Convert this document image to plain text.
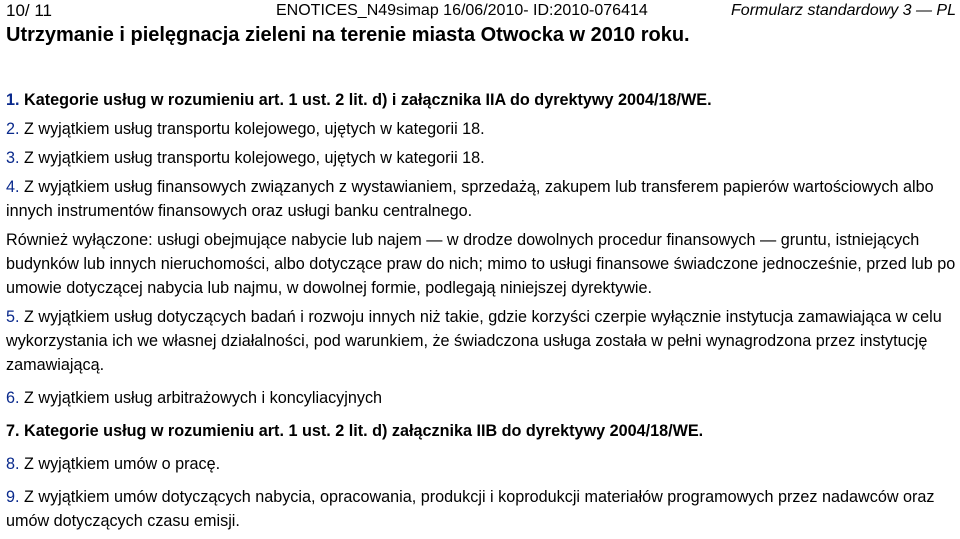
10/ 11	ENOTICES_N49simap 16/06/2010- ID:2010-076414	Formularz standardowy 3 — PL
Utrzymanie i pielęgnacja zieleni na terenie miasta Otwocka w 2010 roku.

1. Kategorie usług w rozumieniu art. 1 ust. 2 lit. d) i załącznika IIA do dyrektywy 2004/18/WE.

2. Z wyjątkiem usług transportu kolejowego, ujętych w kategorii 18.

3. Z wyjątkiem usług transportu kolejowego, ujętych w kategorii 18.

4. Z wyjątkiem usług finansowych związanych z wystawianiem, sprzedażą, zakupem lub transferem papierów wartościowych albo innych instrumentów finansowych oraz usługi banku centralnego.

Również wyłączone: usługi obejmujące nabycie lub najem — w drodze dowolnych procedur finansowych — gruntu, istniejących budynków lub innych nieruchomości, albo dotyczące praw do nich; mimo to usługi finansowe świadczone jednocześnie, przed lub po umowie dotyczącej nabycia lub najmu, w dowolnej formie, podlegają niniejszej dyrektywie.

5. Z wyjątkiem usług dotyczących badań i rozwoju innych niż takie, gdzie korzyści czerpie wyłącznie instytucja zamawiająca w celu wykorzystania ich we własnej działalności, pod warunkiem, że świadczona usługa została w pełni wynagrodzona przez instytucję zamawiającą.

6. Z wyjątkiem usług arbitrażowych i koncyliacyjnych

7. Kategorie usług w rozumieniu art. 1 ust. 2 lit. d) załącznika IIB do dyrektywy 2004/18/WE.

8. Z wyjątkiem umów o pracę.

9. Z wyjątkiem umów dotyczących nabycia, opracowania, produkcji i koprodukcji materiałów programowych przez nadawców oraz umów dotyczących czasu emisji.
